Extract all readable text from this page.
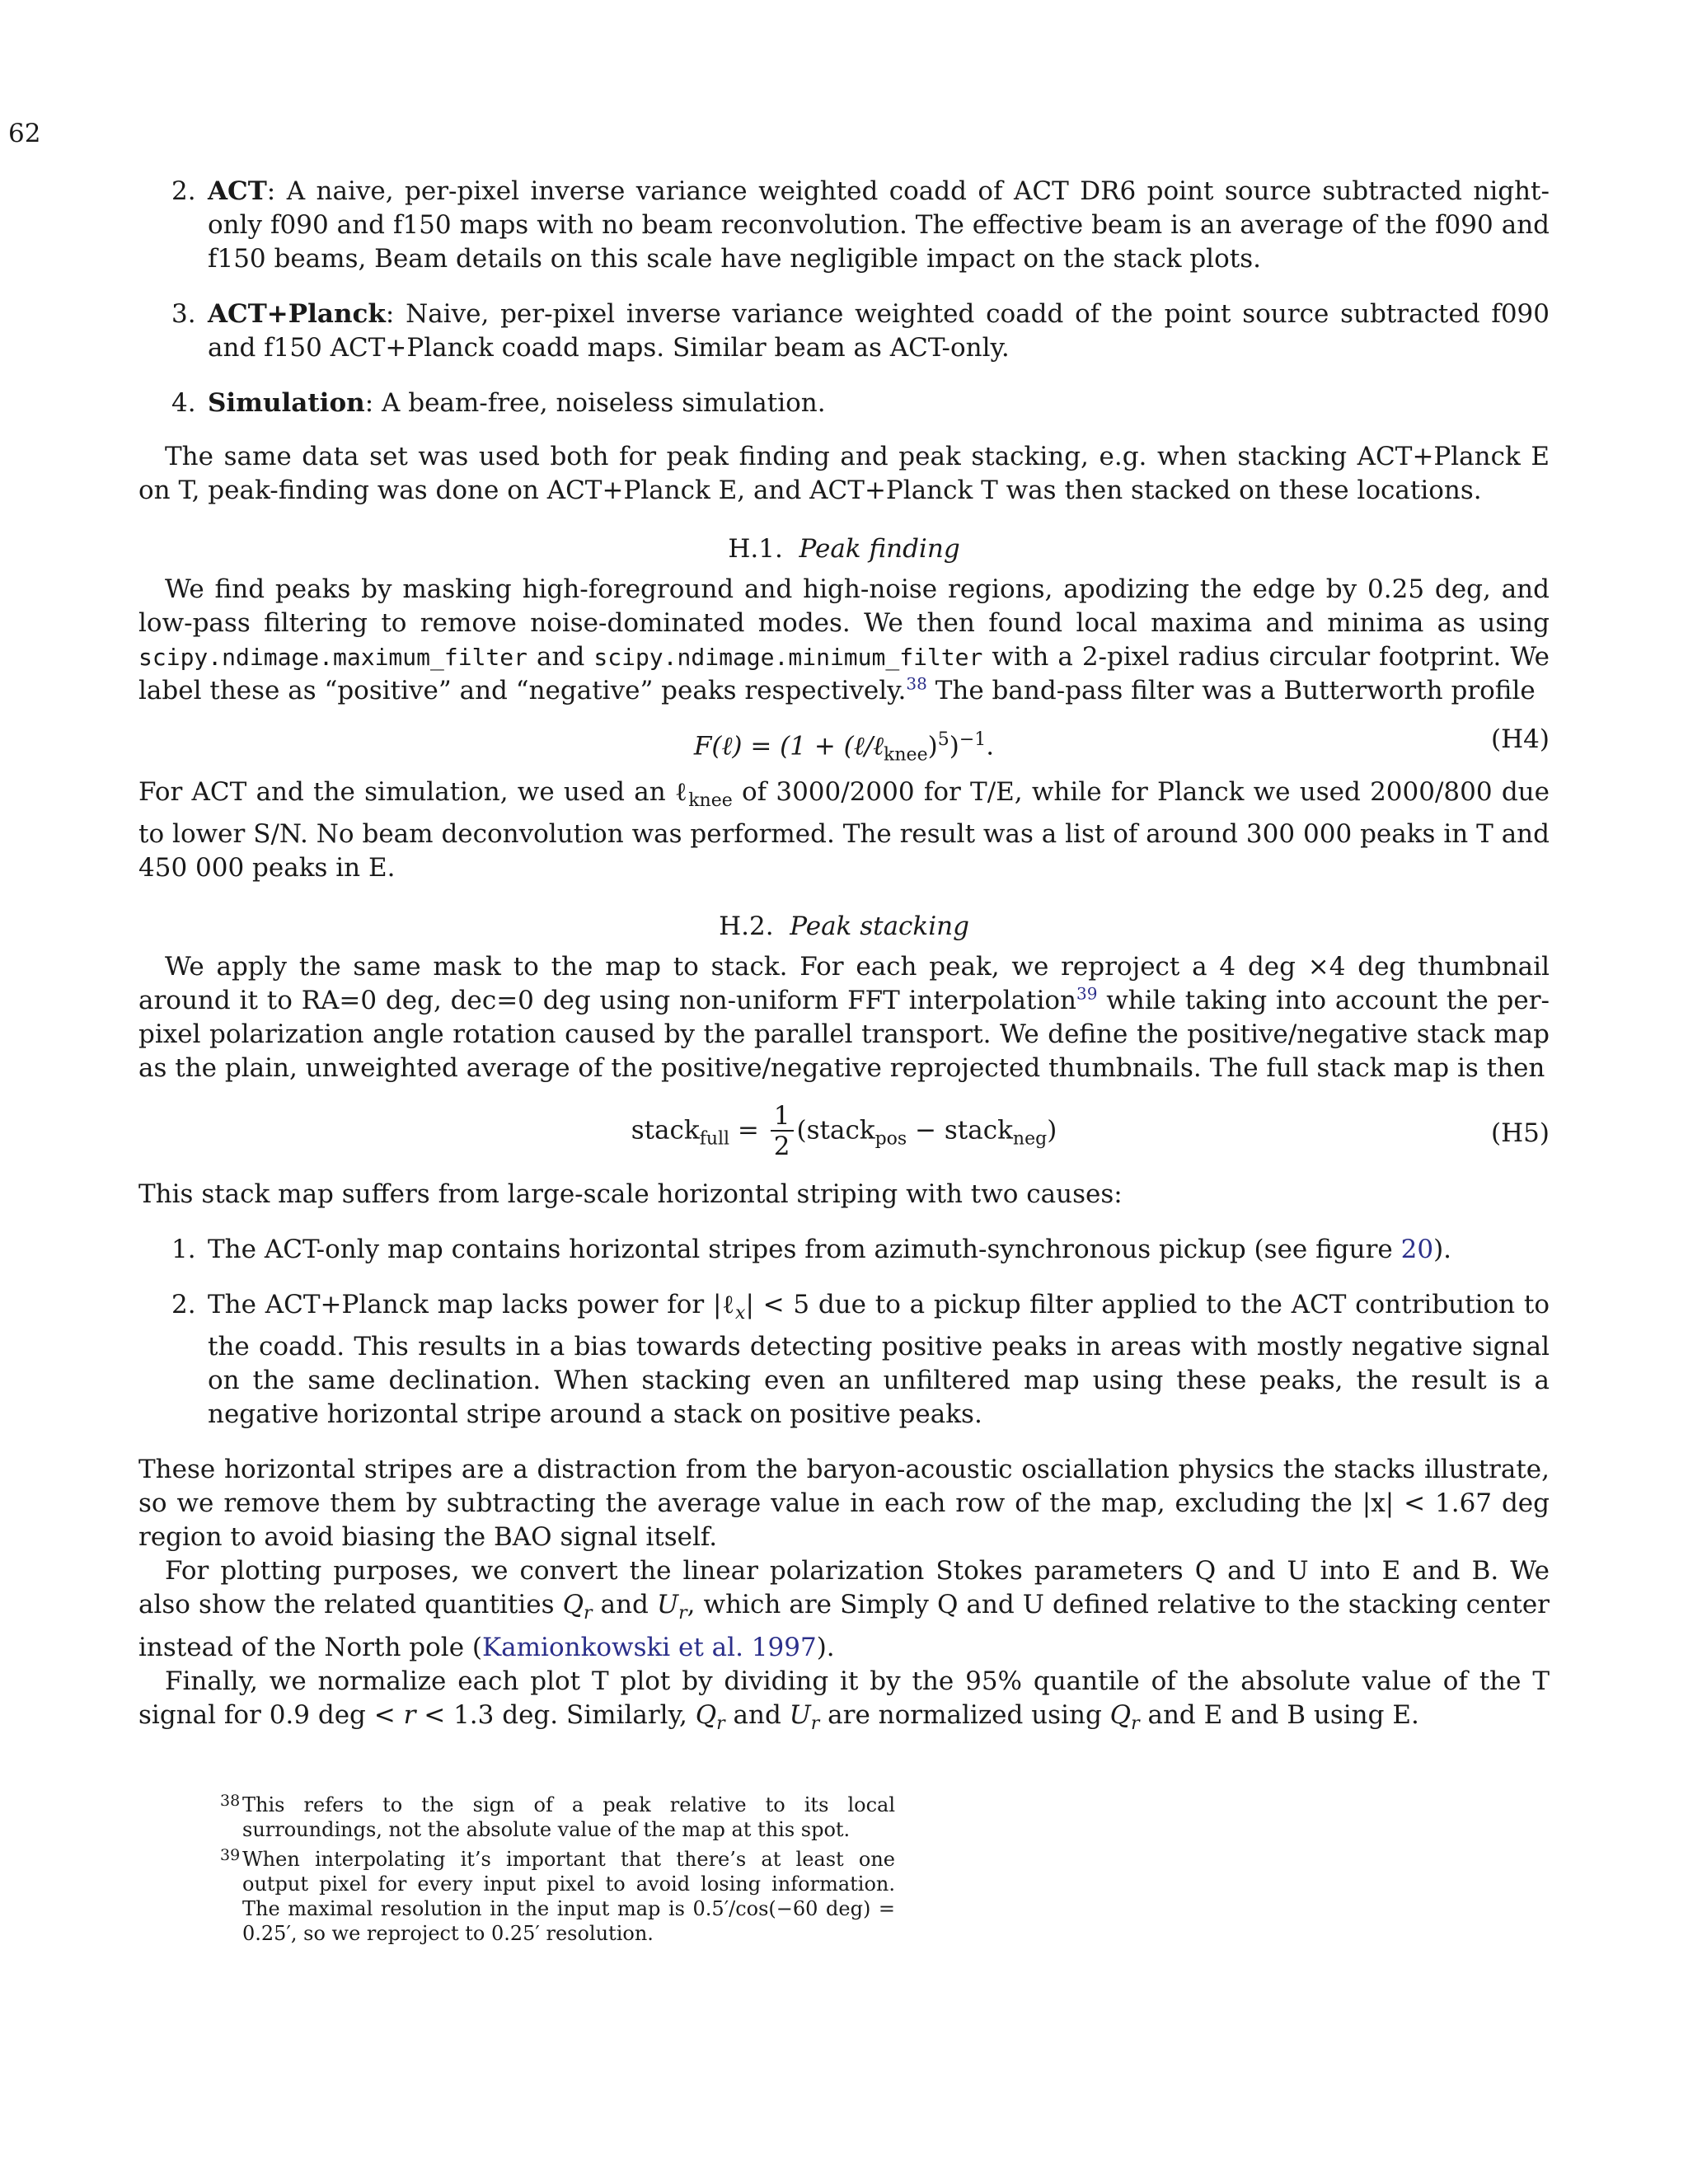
62
2. ACT: A naive, per-pixel inverse variance weighted coadd of ACT DR6 point source subtracted night-only f090 and f150 maps with no beam reconvolution. The effective beam is an average of the f090 and f150 beams, Beam details on this scale have negligible impact on the stack plots.
3. ACT+Planck: Naive, per-pixel inverse variance weighted coadd of the point source subtracted f090 and f150 ACT+Planck coadd maps. Similar beam as ACT-only.
4. Simulation: A beam-free, noiseless simulation.

The same data set was used both for peak finding and peak stacking, e.g. when stacking ACT+Planck E on T, peak-finding was done on ACT+Planck E, and ACT+Planck T was then stacked on these locations.

H.1. Peak finding

We find peaks by masking high-foreground and high-noise regions, apodizing the edge by 0.25 deg, and low-pass filtering to remove noise-dominated modes. We then found local maxima and minima as using scipy.ndimage.maximum_filter and scipy.ndimage.minimum_filter with a 2-pixel radius circular footprint. We label these as “positive” and “negative” peaks respectively.$^{38}$ The band-pass filter was a Butterworth profile

F(ℓ) = (1 + (ℓ/ℓ$_{knee}$)$^5$)$^{-1}$.	(H4)

For ACT and the simulation, we used an ℓ$_{knee}$ of 3000/2000 for T/E, while for Planck we used 2000/800 due to lower S/N. No beam deconvolution was performed. The result was a list of around 300 000 peaks in T and 450 000 peaks in E.

H.2. Peak stacking

We apply the same mask to the map to stack. For each peak, we reproject a 4 deg ×4 deg thumbnail around it to RA=0 deg, dec=0 deg using non-uniform FFT interpolation$^{39}$ while taking into account the per-pixel polarization angle rotation caused by the parallel transport. We define the positive/negative stack map as the plain, unweighted average of the positive/negative reprojected thumbnails. The full stack map is then

stack$_{full}$ = $\frac{1}{2}$ (stack$_{pos}$ − stack$_{neg}$)	(H5)

This stack map suffers from large-scale horizontal striping with two causes:

1. The ACT-only map contains horizontal stripes from azimuth-synchronous pickup (see figure 20).
2. The ACT+Planck map lacks power for |ℓ$_x$| < 5 due to a pickup filter applied to the ACT contribution to the coadd. This results in a bias towards detecting positive peaks in areas with mostly negative signal on the same declination. When stacking even an unfiltered map using these peaks, the result is a negative horizontal stripe around a stack on positive peaks.

These horizontal stripes are a distraction from the baryon-acoustic osciallation physics the stacks illustrate, so we remove them by subtracting the average value in each row of the map, excluding the |x| < 1.67 deg region to avoid biasing the BAO signal itself.

For plotting purposes, we convert the linear polarization Stokes parameters Q and U into E and B. We also show the related quantities $Q_r$ and $U_r$, which are Simply Q and U defined relative to the stacking center instead of the North pole (Kamionkowski et al. 1997).

Finally, we normalize each plot T plot by dividing it by the 95% quantile of the absolute value of the T signal for 0.9 deg < r < 1.3 deg. Similarly, $Q_r$ and $U_r$ are normalized using $Q_r$ and E and B using E.

38 This refers to the sign of a peak relative to its local surroundings, not the absolute value of the map at this spot.
39 When interpolating it’s important that there’s at least one output pixel for every input pixel to avoid losing information. The maximal resolution in the input map is 0.5′/cos(−60 deg) = 0.25′, so we reproject to 0.25′ resolution.
